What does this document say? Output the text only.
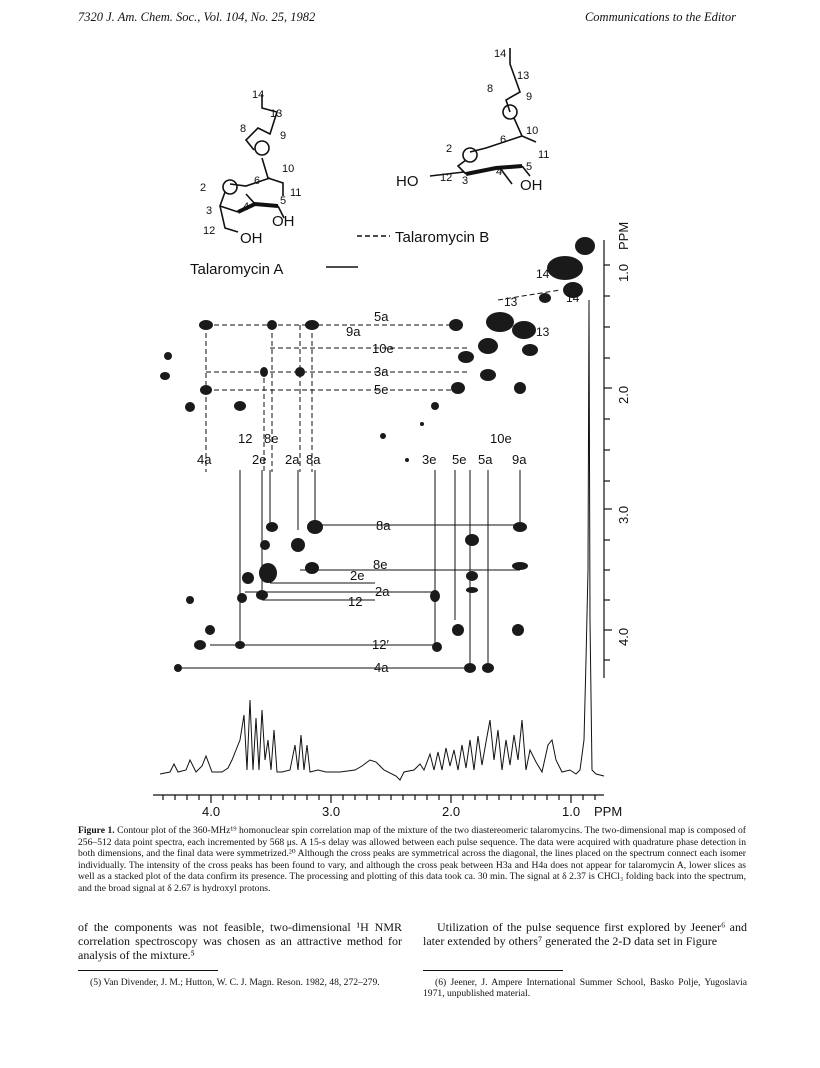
7320 J. Am. Chem. Soc., Vol. 104, No. 25, 1982	Communications to the Editor
14
13
8
9
10
6
2
5
11
3	4
12 OH
OH
Talaromycin A
14
13
8
9
10
6
11
2
5
HO 12 3
4
OH
Talaromycin B
1.0
PPM
2.0
3.0
4.0
12 8e
4a	2e 2a 8a
10e
3e 5e 5a 9a
14
13	14
13
5a
9a
10e
3a
5e
8a
8e
2e
2a
12
12′
4a
4.0	3.0	2.0	1.0 PPM
Figure 1. Contour plot of the 360-MHz¹⁹ homonuclear spin correlation map of the mixture of the two diastereomeric talaromycins. The two-dimensional map is composed of 256–512 data point spectra, each incremented by 568 μs. A 15-s delay was allowed between each pulse sequence. The data were acquired with quadrature phase detection in both dimensions, and the final data were symmetrized.²⁰ Although the cross peaks are symmetrical across the diagonal, the lines placed on the spectrum connect each isomer individually. The intensity of the cross peaks has been found to vary, and although the cross peak between H3a and H4a does not appear for talaromycin A, lower slices as well as a stacked plot of the data confirm its presence. The processing and plotting of this data took ca. 30 min. The signal at δ 2.37 is CHCl₃ folding back into the spectrum, and the broad signal at δ 2.67 is hydroxyl protons.
of the components was not feasible, two-dimensional ¹H NMR correlation spectroscopy was chosen as an attractive method for analysis of the mixture.⁵
Utilization of the pulse sequence first explored by Jeener⁶ and later extended by others⁷ generated the 2-D data set in Figure
(5) Van Divender, J. M.; Hutton, W. C. J. Magn. Reson. 1982, 48, 272–279.	(6) Jeener, J. Ampere International Summer School, Basko Polje, Yugoslavia 1971, unpublished material.
